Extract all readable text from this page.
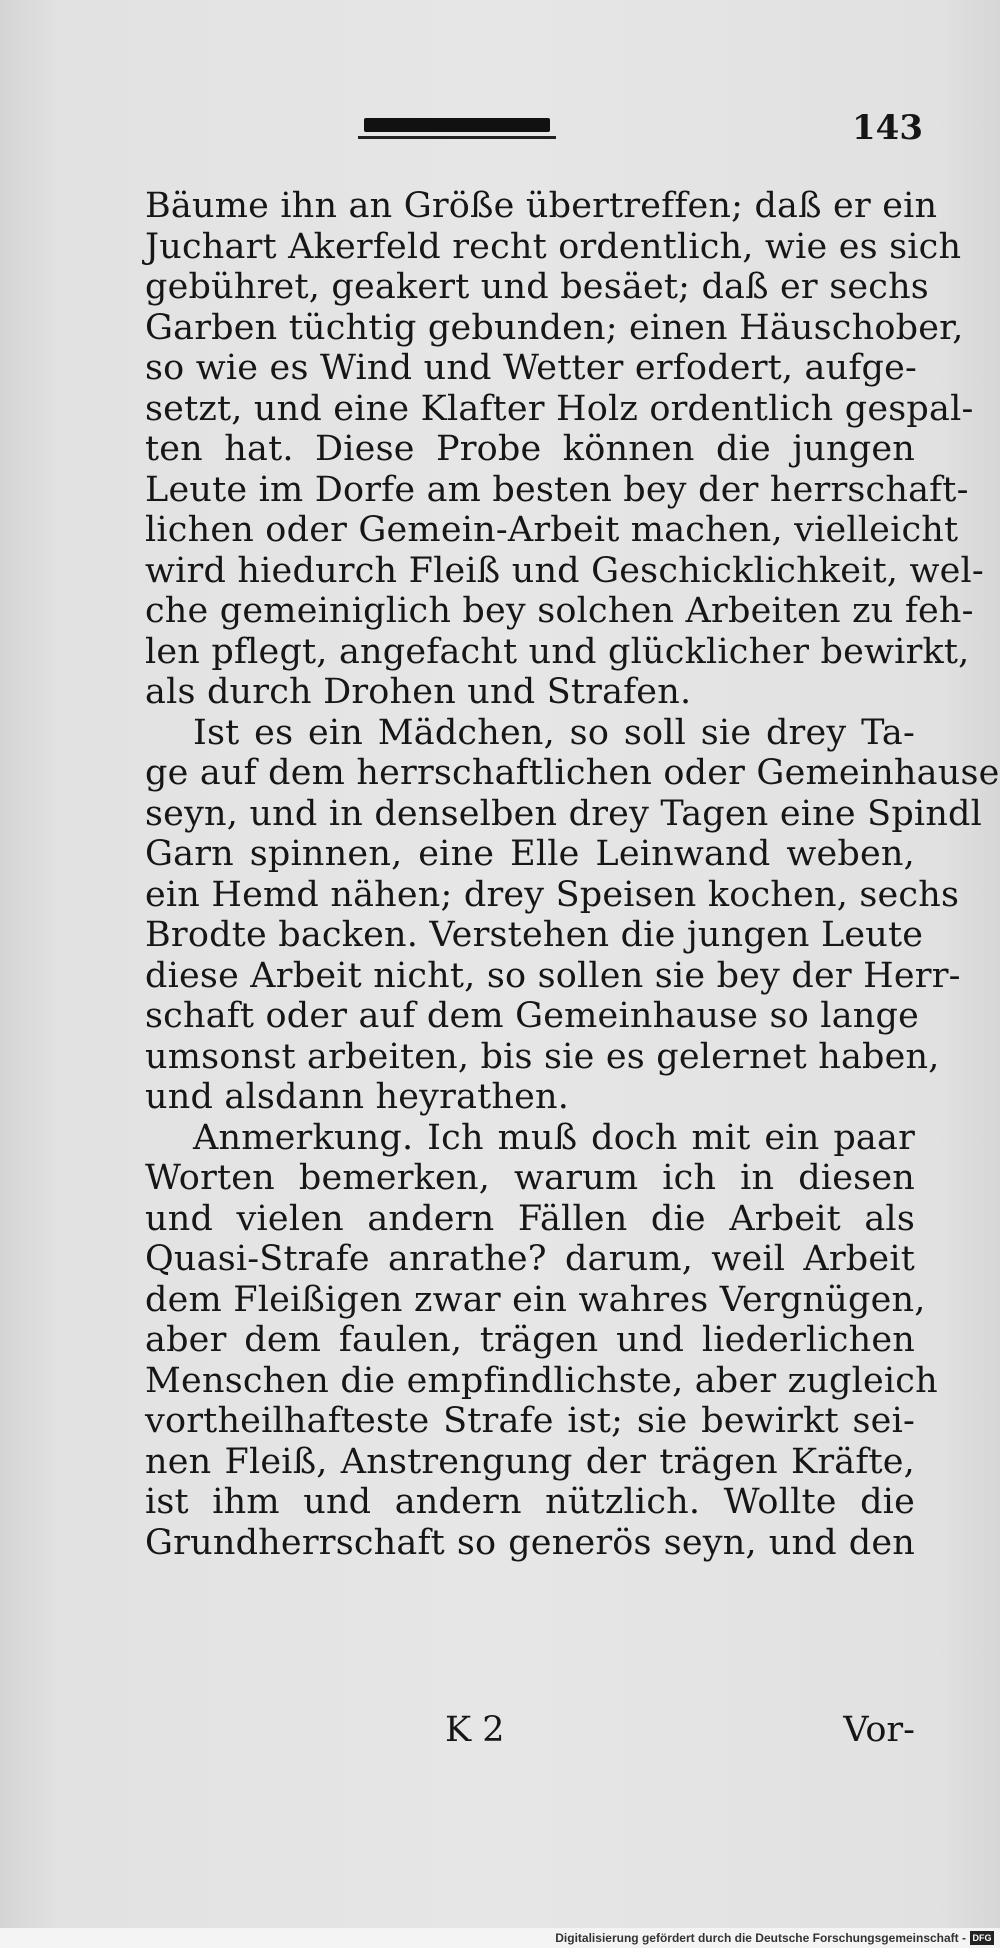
143
Bäume ihn an Größe übertreffen; daß er ein
Juchart Akerfeld recht ordentlich, wie es sich
gebühret, geakert und besäet; daß er sechs
Garben tüchtig gebunden; einen Häuschober,
so wie es Wind und Wetter erfodert, aufge-
setzt, und eine Klafter Holz ordentlich gespal-
ten hat. Diese Probe können die jungen
Leute im Dorfe am besten bey der herrschaft-
lichen oder Gemein-Arbeit machen, vielleicht
wird hiedurch Fleiß und Geschicklichkeit, wel-
che gemeiniglich bey solchen Arbeiten zu feh-
len pflegt, angefacht und glücklicher bewirkt,
als durch Drohen und Strafen.
Ist es ein Mädchen, so soll sie drey Ta-
ge auf dem herrschaftlichen oder Gemeinhause
seyn, und in denselben drey Tagen eine Spindl
Garn spinnen, eine Elle Leinwand weben,
ein Hemd nähen; drey Speisen kochen, sechs
Brodte backen. Verstehen die jungen Leute
diese Arbeit nicht, so sollen sie bey der Herr-
schaft oder auf dem Gemeinhause so lange
umsonst arbeiten, bis sie es gelernet haben,
und alsdann heyrathen.
Anmerkung. Ich muß doch mit ein paar
Worten bemerken, warum ich in diesen
und vielen andern Fällen die Arbeit als
Quasi-Strafe anrathe? darum, weil Arbeit
dem Fleißigen zwar ein wahres Vergnügen,
aber dem faulen, trägen und liederlichen
Menschen die empfindlichste, aber zugleich
vortheilhafteste Strafe ist; sie bewirkt sei-
nen Fleiß, Anstrengung der trägen Kräfte,
ist ihm und andern nützlich. Wollte die
Grundherrschaft so generös seyn, und den
K 2	Vor-
Digitalisierung gefördert durch die Deutsche Forschungsgemeinschaft - DFG
